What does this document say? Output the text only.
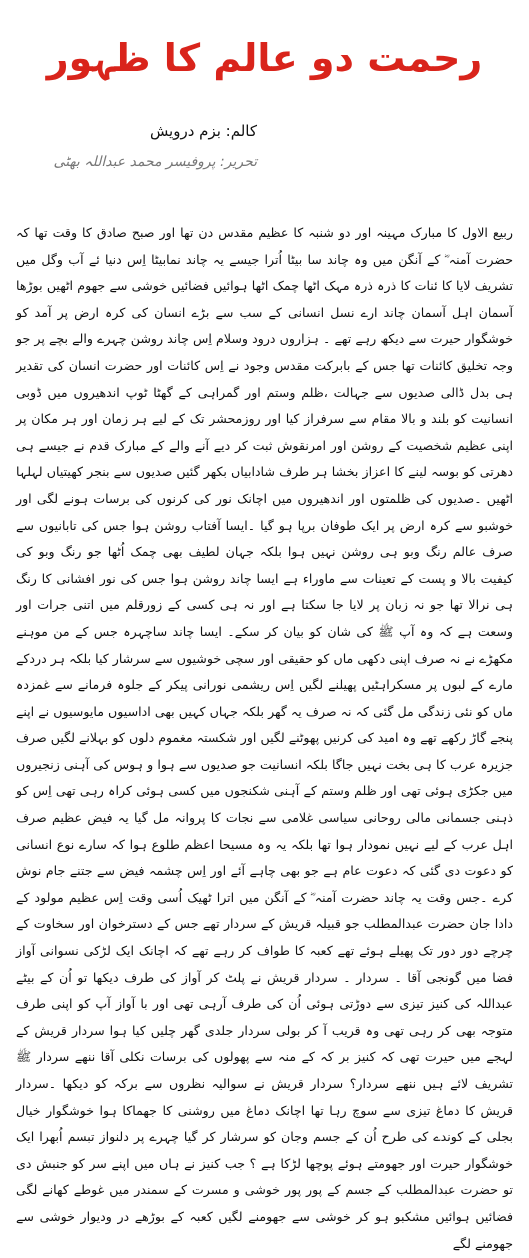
رحمت دو عالم کا ظہور
کالم: بزم درویش
تحریر: پروفیسر محمد عبداللہ بھٹی
ربیع الاول کا مبارک مہینہ اور دو شنبہ کا عظیم مقدس دن تھا اور صبح صادق کا وقت تھا کہ حضرت آمنہ ؓ کے آنگن میں وہ چاند سا بیٹا اُترا جیسے یہ چاند نمابیٹا اِس دنیا ئے آب وگل میں تشریف لایا کا ئنات کا ذرہ ذرہ مہک اٹھا چمک اٹھا ہوائیں فضائیں خوشی سے جھوم اٹھیں بوڑھا آسمان اہل آسمان چاند ارے نسل انسانی کے سب سے بڑے انسان کی کرہ ارض پر آمد کو خوشگوار حیرت سے دیکھ رہے تھے ۔ ہزاروں درود وسلام اِس چاند روشن چہرے والے بچے پر جو وجہ تخلیق کائنات تھا جس کے بابرکت مقدس وجود نے اِس کائنات اور حضرت انسان کی تقدیر ہی بدل ڈالی صدیوں سے جہالت ،ظلم وستم اور گمراہی کے گھٹا ٹوپ اندھیروں میں ڈوبی انسانیت کو بلند و بالا مقام سے سرفراز کیا اور روزمحشر تک کے لیے ہر زمان اور ہر مکان پر اپنی عظیم شخصیت کے روشن اور امرنقوش ثبت کر دیے آنے والے کے مبارک قدم نے جیسے ہی دھرتی کو بوسہ لینے کا اعزاز بخشا ہر طرف شادابیاں بکھر گئیں صدیوں سے بنجر کھیتیاں لہلہا اٹھیں ۔صدیوں کی ظلمتوں اور اندھیروں میں اچانک نور کی کرنوں کی برسات ہونے لگی اور خوشبو سے کرہ ارض پر ایک طوفان برپا ہو گیا ۔ایسا آفتاب روشن ہوا جس کی تابانیوں سے صرف عالم رنگ وبو ہی روشن نہیں ہوا بلکہ جہان لطیف بھی چمک اُٹھا جو رنگ وبو کی کیفیت بالا و پست کے تعینات سے ماوراء ہے ایسا چاند روشن ہوا جس کی نور افشانی کا رنگ ہی نرالا تھا جو نہ زبان پر لایا جا سکتا ہے اور نہ ہی کسی کے زورقلم میں اتنی جرات اور وسعت ہے کہ وہ آپ ﷺ کی شان کو بیان کر سکے۔ ایسا چاند ساچہرہ جس کے من موہنے مکھڑے نے نہ صرف اپنی دکھی ماں کو حقیقی اور سچی خوشیوں سے سرشار کیا بلکہ ہر دردکے مارے کے لبوں پر مسکراہٹیں پھیلنے لگیں اِس ریشمی نورانی پیکر کے جلوہ فرمانے سے غمزدہ ماں کو نئی زندگی مل گئی کہ نہ صرف یہ گھر بلکہ جہاں کہیں بھی اداسیوں مایوسیوں نے اپنے پنجے گاڑ رکھے تھے وہ امید کی کرنیں پھوٹنے لگیں اور شکستہ مغموم دلوں کو بہلانے لگیں صرف جزیرہ عرب کا ہی بخت نہیں جاگا بلکہ انسانیت جو صدیوں سے ہوا و ہوس کی آہنی زنجیروں میں جکڑی ہوئی تھی اور ظلم وستم کے آہنی شکنجوں میں کسی ہوئی کراہ رہی تھی اِس کو ذہنی جسمانی مالی روحانی سیاسی غلامی سے نجات کا پروانہ مل گیا یہ فیض عظیم صرف اہل عرب کے لیے نہیں نمودار ہوا تھا بلکہ یہ وہ مسیحا اعظم طلوع ہوا کہ سارے نوع انسانی کو دعوت دی گئی کہ دعوت عام ہے جو بھی چاہے آئے اور اِس چشمہ فیض سے جتنے جام نوش کرے ۔جس وقت یہ چاند حضرت آمنہ ؓ کے آنگن میں اترا ٹھیک اُسی وقت اِس عظیم مولود کے دادا جان حضرت عبدالمطلب جو قبیلہ قریش کے سردار تھے جس کے دسترخوان اور سخاوت کے چرچے دور دور تک پھیلے ہوئے تھے کعبہ کا طواف کر رہے تھے کہ اچانک ایک لڑکی نسوانی آواز فضا میں گونجی آقا ۔ سردار ۔ سردار قریش نے پلٹ کر آواز کی طرف دیکھا تو اُن کے بیٹے عبداللہ کی کنیز تیزی سے دوڑتی ہوئی اُن کی طرف آرہی تھی اور با آواز آپ کو اپنی طرف متوجہ بھی کر رہی تھی وہ قریب آ کر بولی سردار جلدی گھر چلیں کیا ہوا سردار قریش کے لہجے میں حیرت تھی کہ کنیز بر کہ کے منہ سے پھولوں کی برسات نکلی آقا ننھے سردار ﷺ تشریف لائے ہیں ننھے سردار؟ سردار قریش نے سوالیہ نظروں سے برکہ کو دیکھا ۔سردار قریش کا دماغ تیزی سے سوچ رہا تھا اچانک دماغ میں روشنی کا جھماکا ہوا خوشگوار خیال بجلی کے کوندے کی طرح اُن کے جسم وجان کو سرشار کر گیا چہرے پر دلنواز تبسم اُبھرا ایک خوشگوار حیرت اور جھومتے ہوئے پوچھا لڑکا ہے ؟ جب کنیز نے ہاں میں اپنے سر کو جنبش دی تو حضرت عبدالمطلب کے جسم کے پور پور خوشی و مسرت کے سمندر میں غوطے کھانے لگی فضائیں ہوائیں مشکبو ہو کر خوشی سے جھومنے لگیں کعبہ کے بوڑھے در ودیوار خوشی سے جھومنے لگے
